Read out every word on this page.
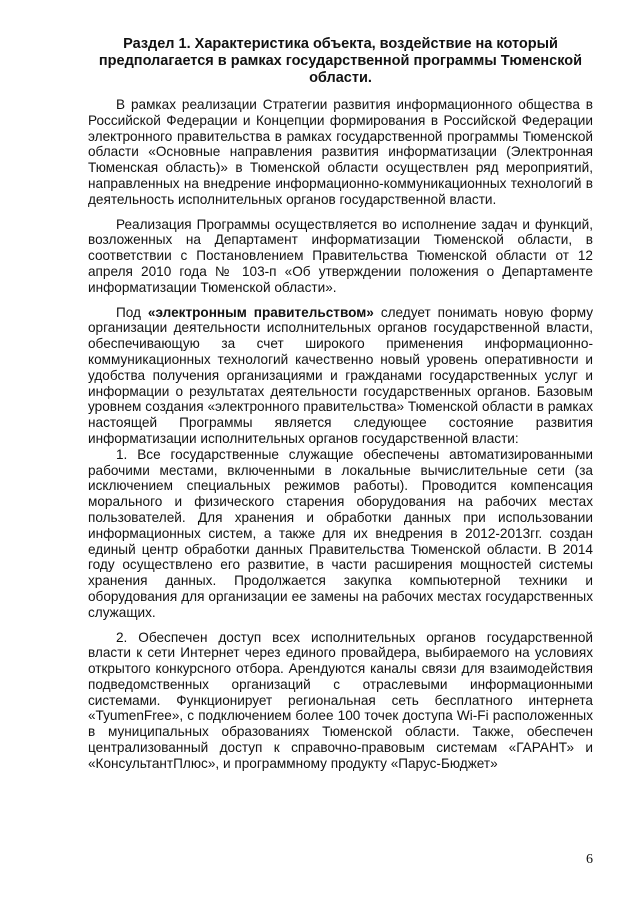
Раздел 1. Характеристика объекта, воздействие на который предполагается в рамках государственной программы Тюменской области.

В рамках реализации Стратегии развития информационного общества в Российской Федерации и Концепции формирования в Российской Федерации электронного правительства в рамках государственной программы Тюменской области «Основные направления развития информатизации (Электронная Тюменская область)» в Тюменской области осуществлен ряд мероприятий, направленных на внедрение информационно-коммуникационных технологий в деятельность исполнительных органов государственной власти.

Реализация Программы осуществляется во исполнение задач и функций, возложенных на Департамент информатизации Тюменской области, в соответствии с Постановлением Правительства Тюменской области от 12 апреля 2010 года № 103-п «Об утверждении положения о Департаменте информатизации Тюменской области».

Под «электронным правительством» следует понимать новую форму организации деятельности исполнительных органов государственной власти, обеспечивающую за счет широкого применения информационно-коммуникационных технологий качественно новый уровень оперативности и удобства получения организациями и гражданами государственных услуг и информации о результатах деятельности государственных органов. Базовым уровнем создания «электронного правительства» Тюменской области в рамках настоящей Программы является следующее состояние развития информатизации исполнительных органов государственной власти:

1. Все государственные служащие обеспечены автоматизированными рабочими местами, включенными в локальные вычислительные сети (за исключением специальных режимов работы). Проводится компенсация морального и физического старения оборудования на рабочих местах пользователей. Для хранения и обработки данных при использовании информационных систем, а также для их внедрения в 2012-2013гг. создан единый центр обработки данных Правительства Тюменской области. В 2014 году осуществлено его развитие, в части расширения мощностей системы хранения данных. Продолжается закупка компьютерной техники и оборудования для организации ее замены на рабочих местах государственных служащих.

2. Обеспечен доступ всех исполнительных органов государственной власти к сети Интернет через единого провайдера, выбираемого на условиях открытого конкурсного отбора. Арендуются каналы связи для взаимодействия подведомственных организаций с отраслевыми информационными системами. Функционирует региональная сеть бесплатного интернета «TyumenFree», с подключением более 100 точек доступа Wi-Fi расположенных в муниципальных образованиях Тюменской области. Также, обеспечен централизованный доступ к справочно-правовым системам «ГАРАНТ» и «КонсультантПлюс», и программному продукту «Парус-Бюджет»

6
